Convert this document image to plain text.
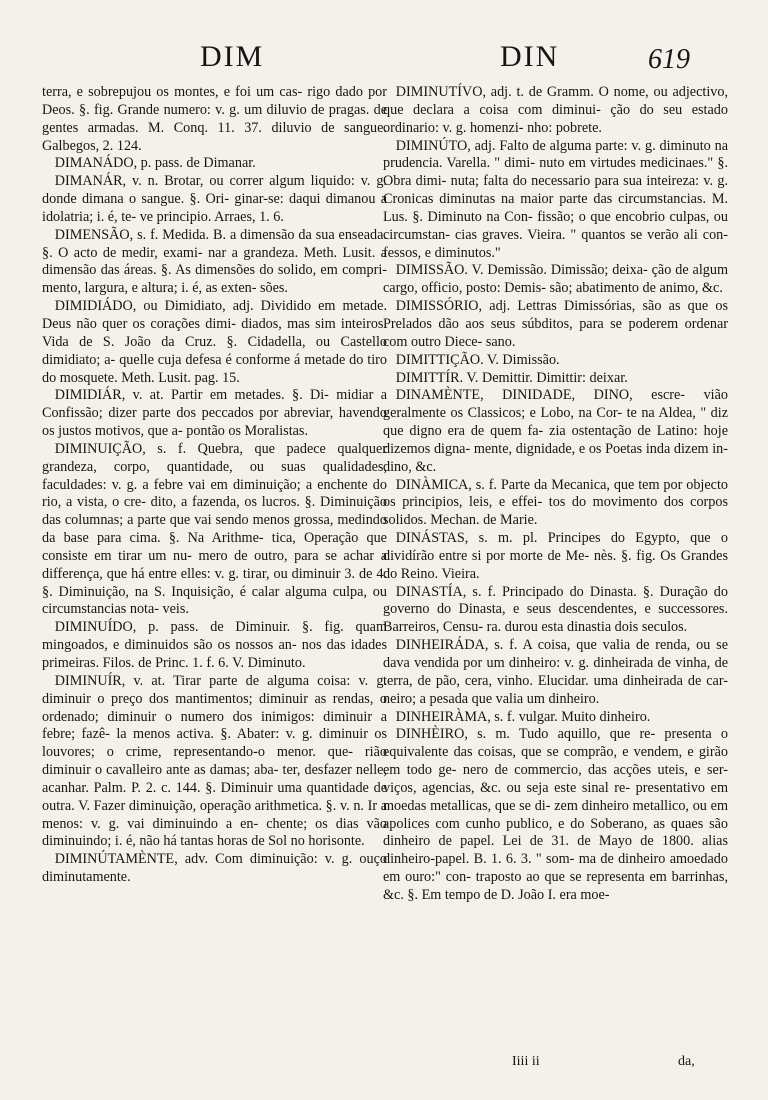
DIM	DIN	619

terra, e sobrepujou os montes, e foi um cas- rigo dado por Deos. §. fig. Grande numero: v. g. um diluvio de pragas. de gentes armadas. M. Conq. 11. 37. diluvio de sangue. Galbegos, 2. 124.

DIMANÁDO, p. pass. de Dimanar.

DIMANÁR, v. n. Brotar, ou correr algum liquido: v. g. donde dimana o sangue. §. Ori- ginar-se: daqui dimanou a idolatria; i. é, te- ve principio. Arraes, 1. 6.

DIMENSÃO, s. f. Medida. B. a dimensão da sua enseada. §. O acto de medir, exami- nar a grandeza. Meth. Lusit. a dimensão das áreas. §. As dimensões do solido, em compri- mento, largura, e altura; i. é, as exten- sões.

DIMIDIÁDO, ou Dimidiato, adj. Dividido em metade. Deus não quer os corações dimi- diados, mas sim inteiros. Vida de S. João da Cruz. §. Cidadella, ou Castello dimidiato; a- quelle cuja defesa é conforme á metade do tiro do mosquete. Meth. Lusit. pag. 15.

DIMIDIÁR, v. at. Partir em metades. §. Di- midiar a Confissão; dizer parte dos peccados por abreviar, havendo os justos motivos, que a- pontão os Moralistas.

DIMINUIÇÃO, s. f. Quebra, que padece qualquer grandeza, corpo, quantidade, ou suas qualidades, faculdades: v. g. a febre vai em diminuição; a enchente do rio, a vista, o cre- dito, a fazenda, os lucros. §. Diminuição das columnas; a parte que vai sendo menos grossa, medindo da base para cima. §. Na Arithme- tica, Operação que consiste em tirar um nu- mero de outro, para se achar a differença, que há entre elles: v. g. tirar, ou diminuir 3. de 4. §. Diminuição, na S. Inquisição, é calar alguma culpa, ou circumstancias nota- veis.

DIMINUÍDO, p. pass. de Diminuir. §. fig. quam mingoados, e diminuidos são os nossos an- nos das idades primeiras. Filos. de Princ. 1. f. 6. V. Diminuto.

DIMINUÍR, v. at. Tirar parte de alguma coisa: v. g. diminuir o preço dos mantimentos; diminuir as rendas, o ordenado; diminuir o numero dos inimigos: diminuir a febre; fazê- la menos activa. §. Abater: v. g. diminuir os louvores; o crime, representando-o menor. que- rião diminuir o cavalleiro ante as damas; aba- ter, desfazer nelle, acanhar. Palm. P. 2. c. 144. §. Diminuir uma quantidade de outra. V. Fazer diminuição, operação arithmetica. §. v. n. Ir a menos: v. g. vai diminuindo a en- chente; os dias vão diminuindo; i. é, não há tantas horas de Sol no horisonte.

DIMINÚTAMÈNTE, adv. Com diminuição: v. g. ouço diminutamente.

DIMINUTÍVO, adj. t. de Gramm. O nome, ou adjectivo, que declara a coisa com diminui- ção do seu estado ordinario: v. g. homenzi- nho: pobrete.

DIMINÚTO, adj. Falto de alguma parte: v. g. diminuto na prudencia. Varella. " dimi- nuto em virtudes medicinaes." §. Obra dimi- nuta; falta do necessario para sua inteireza: v. g. Cronicas diminutas na maior parte das circumstancias. M. Lus. §. Diminuto na Con- fissão; o que encobrio culpas, ou circumstan- cias graves. Vieira. " quantos se verão ali con- fessos, e diminutos."

DIMISSÃO. V. Demissão. Dimissão; deixa- ção de algum cargo, officio, posto: Demis- são; abatimento de animo, &c.

DIMISSÓRIO, adj. Lettras Dimissórias, são as que os Prelados dão aos seus súbditos, para se poderem ordenar com outro Diece- sano.

DIMITTIÇÃO. V. Dimissão.

DIMITTÍR. V. Demittir. Dimittir: deixar.

DINAMÈNTE, DINIDADE, DINO, escre- vião geralmente os Classicos; e Lobo, na Cor- te na Aldea, " diz que digno era de quem fa- zia ostentação de Latino: hoje dizemos digna- mente, dignidade, e os Poetas inda dizem in- dino, &c.

DINÀMICA, s. f. Parte da Mecanica, que tem por objecto os principios, leis, e effei- tos do movimento dos corpos solidos. Mechan. de Marie.

DINÁSTAS, s. m. pl. Principes do Egypto, que o dividírão entre si por morte de Me- nès. §. fig. Os Grandes do Reino. Vieira.

DINASTÍA, s. f. Principado do Dinasta. §. Duração do governo do Dinasta, e seus descendentes, e successores. Barreiros, Censu- ra. durou esta dinastia dois seculos.

DINHEIRÁDA, s. f. A coisa, que valia de renda, ou se dava vendida por um dinheiro: v. g. dinheirada de vinha, de terra, de pão, cera, vinho. Elucidar. uma dinheirada de car- neiro; a pesada que valia um dinheiro.

DINHEIRÀMA, s. f. vulgar. Muito dinheiro.

DINHÈIRO, s. m. Tudo aquillo, que re- presenta o equivalente das coisas, que se comprão, e vendem, e girão em todo ge- nero de commercio, das acções uteis, e ser- viços, agencias, &c. ou seja este sinal re- presentativo em moedas metallicas, que se di- zem dinheiro metallico, ou em apolices com cunho publico, e do Soberano, as quaes são dinheiro de papel. Lei de 31. de Mayo de 1800. alias dinheiro-papel. B. 1. 6. 3. " som- ma de dinheiro amoedado em ouro:" con- traposto ao que se representa em barrinhas, &c. §. Em tempo de D. João I. era moe-

Iiii ii	da,
